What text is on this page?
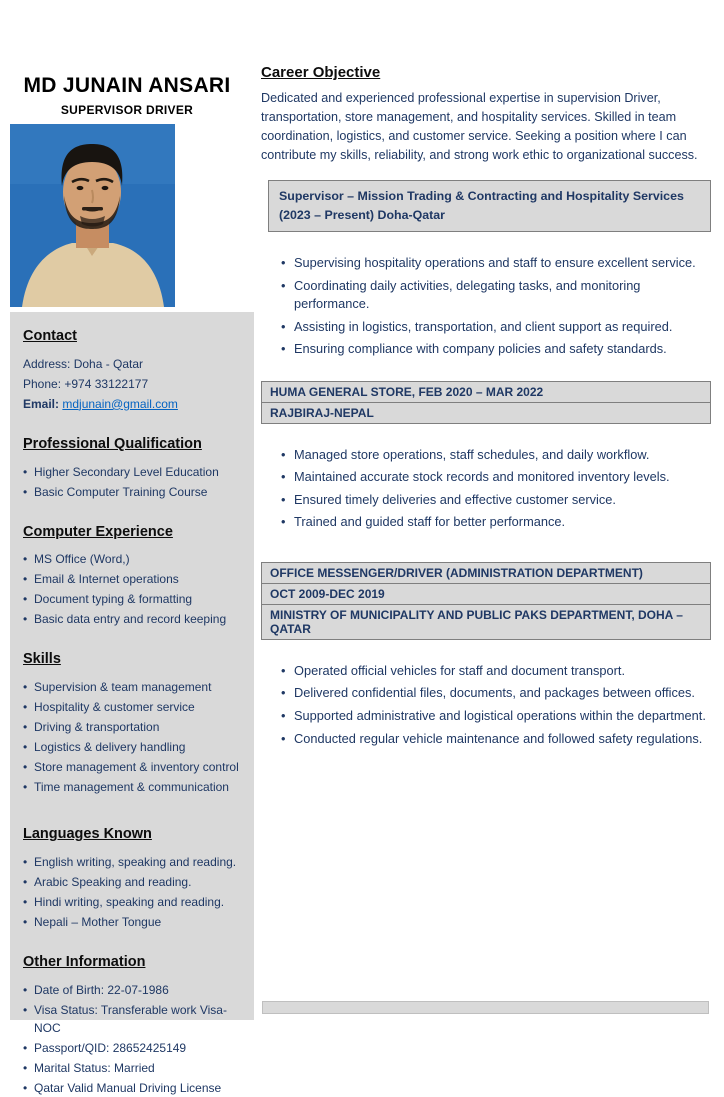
MD JUNAIN ANSARI
SUPERVISOR DRIVER
Contact
Address: Doha - Qatar
Phone: +974 33122177
Email: mdjunain@gmail.com
Professional Qualification
• Higher Secondary Level Education
• Basic Computer Training Course
Computer Experience
• MS Office (Word,)
• Email & Internet operations
• Document typing & formatting
• Basic data entry and record keeping
Skills
• Supervision & team management
• Hospitality & customer service
• Driving & transportation
• Logistics & delivery handling
• Store management & inventory control
• Time management & communication
Languages Known
• English writing, speaking and reading.
• Arabic Speaking and reading.
• Hindi writing, speaking and reading.
• Nepali – Mother Tongue
Other Information
• Date of Birth: 22-07-1986
• Visa Status: Transferable work Visa-NOC
• Passport/QID: 28652425149
• Marital Status: Married
• Qatar Valid Manual Driving License
Career Objective
Dedicated and experienced professional expertise in supervision Driver, transportation, store management, and hospitality services. Skilled in team coordination, logistics, and customer service. Seeking a position where I can contribute my skills, reliability, and strong work ethic to organizational success.
Supervisor – Mission Trading & Contracting and Hospitality Services (2023 – Present) Doha-Qatar
• Supervising hospitality operations and staff to ensure excellent service.
• Coordinating daily activities, delegating tasks, and monitoring performance.
• Assisting in logistics, transportation, and client support as required.
• Ensuring compliance with company policies and safety standards.
HUMA GENERAL STORE, FEB 2020 – MAR 2022
RAJBIRAJ-NEPAL
• Managed store operations, staff schedules, and daily workflow.
• Maintained accurate stock records and monitored inventory levels.
• Ensured timely deliveries and effective customer service.
• Trained and guided staff for better performance.
OFFICE MESSENGER/DRIVER (ADMINISTRATION DEPARTMENT)
OCT 2009-DEC 2019
MINISTRY OF MUNICIPALITY AND PUBLIC PAKS DEPARTMENT, DOHA – QATAR
• Operated official vehicles for staff and document transport.
• Delivered confidential files, documents, and packages between offices.
• Supported administrative and logistical operations within the department.
• Conducted regular vehicle maintenance and followed safety regulations.
